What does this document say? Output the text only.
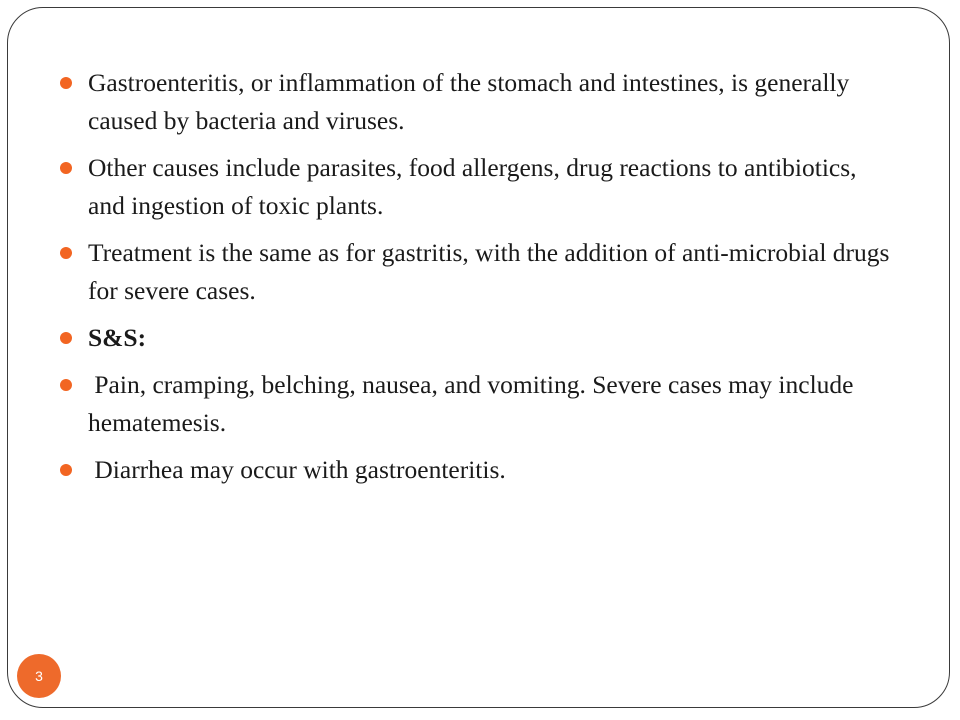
Gastroenteritis, or inflammation of the stomach and intestines, is generally caused by bacteria and viruses.
Other causes include parasites, food allergens, drug reactions to antibiotics, and ingestion of toxic plants.
Treatment is the same as for gastritis, with the addition of anti-microbial drugs for severe cases.
S&S:
Pain, cramping, belching, nausea, and vomiting. Severe cases may include hematemesis.
Diarrhea may occur with gastroenteritis.
3
